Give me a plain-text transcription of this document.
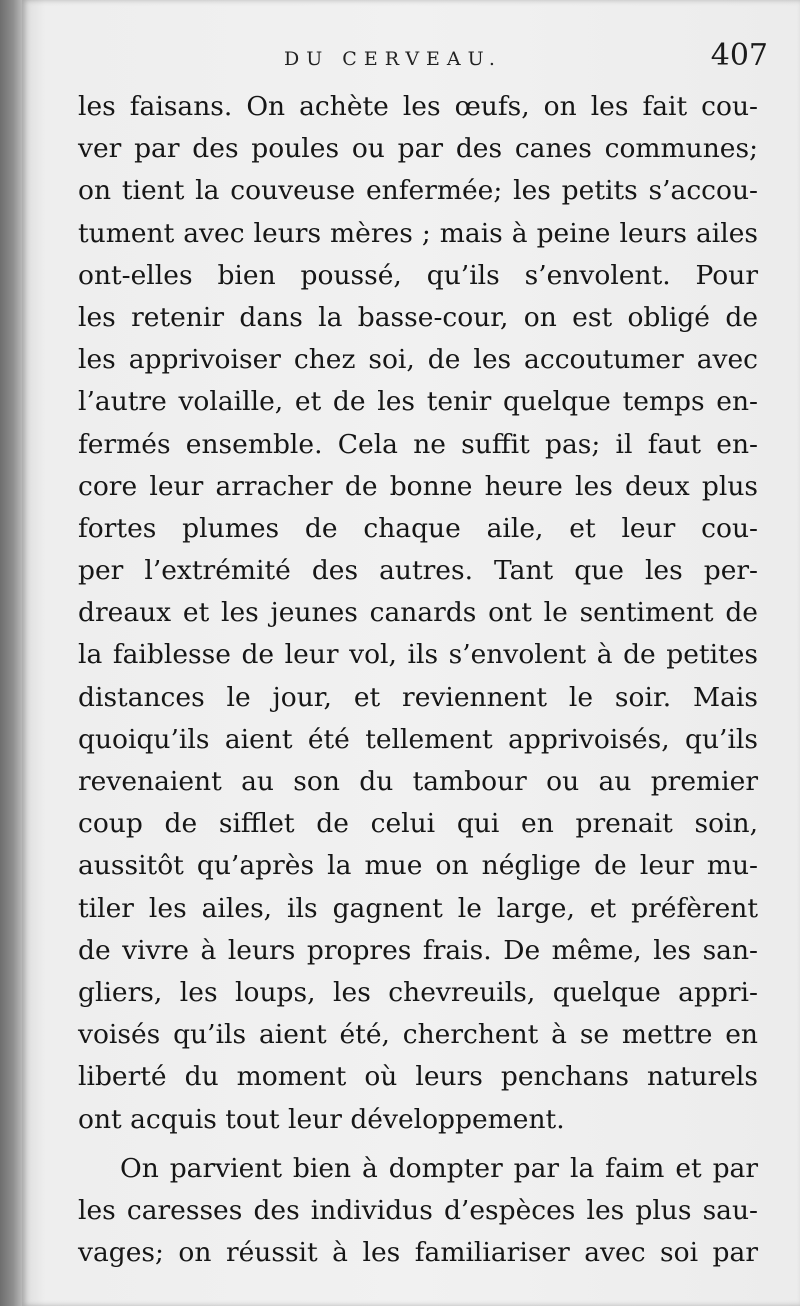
DU CERVEAU.	407
les faisans. On achète les œufs, on les fait cou-
ver par des poules ou par des canes communes;
on tient la couveuse enfermée; les petits s’accou-
tument avec leurs mères ; mais à peine leurs ailes
ont-elles bien poussé, qu’ils s’envolent. Pour
les retenir dans la basse-cour, on est obligé de
les apprivoiser chez soi, de les accoutumer avec
l’autre volaille, et de les tenir quelque temps en-
fermés ensemble. Cela ne suffit pas; il faut en-
core leur arracher de bonne heure les deux plus
fortes plumes de chaque aile, et leur cou-
per l’extrémité des autres. Tant que les per-
dreaux et les jeunes canards ont le sentiment de
la faiblesse de leur vol, ils s’envolent à de petites
distances le jour, et reviennent le soir. Mais
quoiqu’ils aient été tellement apprivoisés, qu’ils
revenaient au son du tambour ou au premier
coup de sifflet de celui qui en prenait soin,
aussitôt qu’après la mue on néglige de leur mu-
tiler les ailes, ils gagnent le large, et préfèrent
de vivre à leurs propres frais. De même, les san-
gliers, les loups, les chevreuils, quelque appri-
voisés qu’ils aient été, cherchent à se mettre en
liberté du moment où leurs penchans naturels
ont acquis tout leur développement.
On parvient bien à dompter par la faim et par
les caresses des individus d’espèces les plus sau-
vages; on réussit à les familiariser avec soi par
